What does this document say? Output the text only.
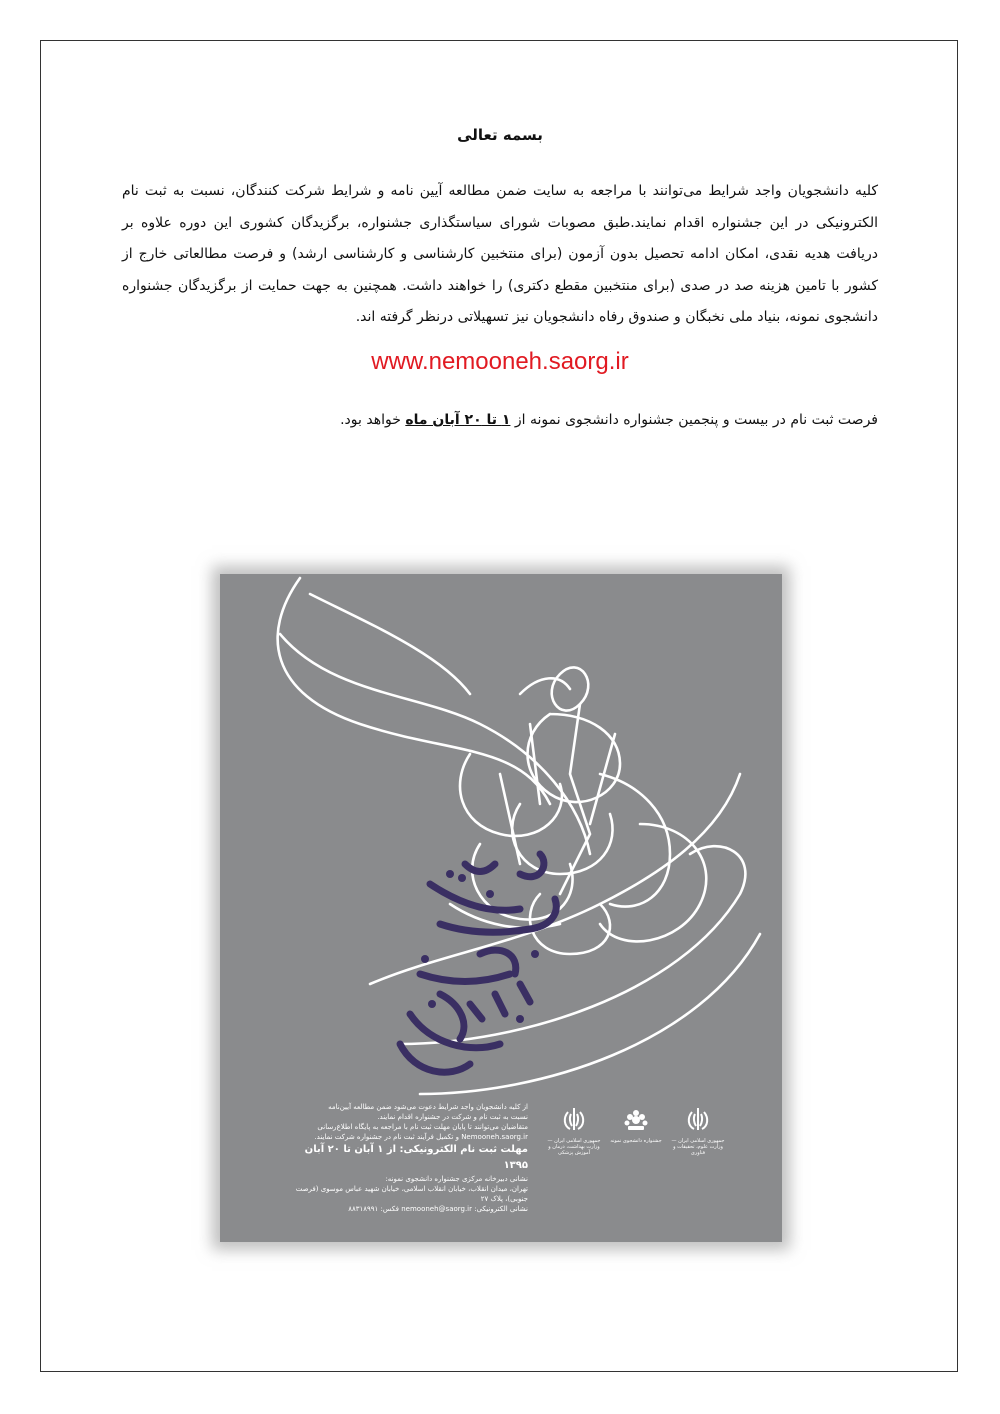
بسمه تعالی
کلیه دانشجویان واجد شرایط می‌توانند با مراجعه به سایت ضمن مطالعه آیین نامه و شرایط شرکت کنندگان، نسبت به ثبت نام الکترونیکی در این جشنواره اقدام نمایند.طبق مصوبات شورای سیاستگذاری جشنواره، برگزیدگان کشوری این دوره علاوه بر دریافت هدیه نقدی، امکان ادامه تحصیل بدون آزمون (برای منتخبین کارشناسی و کارشناسی ارشد) و فرصت مطالعاتی خارج از کشور با تامین هزینه صد در صدی (برای منتخبین مقطع دکتری) را خواهند داشت. همچنین به جهت حمایت از برگزیدگان جشنواره دانشجوی نمونه، بنیاد ملی نخبگان و صندوق رفاه دانشجویان نیز تسهیلاتی درنظر گرفته اند.
www.nemooneh.saorg.ir
فرصت ثبت نام در بیست و پنجمین جشنواره دانشجوی نمونه از ۱ تا ۲۰ آبان ماه خواهد بود.
از کلیه دانشجویان واجد شرایط دعوت می‌شود ضمن مطالعه آیین‌نامه
نسبت به ثبت نام و شرکت در جشنواره اقدام نمایند.
متقاضیان می‌توانند تا پایان مهلت ثبت نام با مراجعه به پایگاه اطلاع‌رسانی
Nemooneh.saorg.ir و تکمیل فرآیند ثبت نام در جشنواره شرکت نمایند.
مهلت ثبت نام الکترونیکی: از ۱ آبان تا ۲۰ آبان ۱۳۹۵
نشانی دبیرخانه مرکزی جشنواره دانشجوی نمونه:
تهران، میدان انقلاب، خیابان انقلاب اسلامی، خیابان شهید عباس موسوی (فرصت جنوبی)، پلاک ۲۷
نشانی الکترونیکی: nemooneh@saorg.ir فکس: ۸۸۳۱۸۹۹۱
جمهوری اسلامی ایران — وزارت بهداشت، درمان و آموزش پزشکی
جشنواره دانشجوی نمونه	جمهوری اسلامی ایران — وزارت علوم، تحقیقات و فناوری
